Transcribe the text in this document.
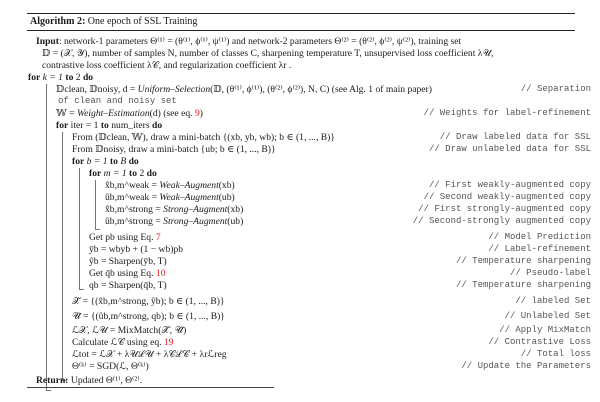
Algorithm 2: One epoch of SSL Training
Input: network-1 parameters Θ⁽¹⁾ = (θ⁽¹⁾, ϕ⁽¹⁾, ψ⁽¹⁾) and network-2 parameters Θ⁽²⁾ = (θ⁽²⁾, ϕ⁽²⁾, ψ⁽²⁾), training set
𝔻 = (𝒳, 𝒴), number of samples N, number of classes C, sharpening temperature T, unsupervised loss coefficient λ𝒰,
contrastive loss coefficient λ𝒞, and regularization coefficient λr .
for k = 1 to 2 do
𝔻clean, 𝔻noisy, d = Uniform–Selection(𝔻, (θ⁽¹⁾, ϕ⁽¹⁾), (θ⁽²⁾, ϕ⁽²⁾), N, C) (see Alg. 1 of main paper)	// Separation
of clean and noisy set
𝕎 = Weight–Estimation(d) (see eq. 9)	// Weights for label-refinement
for iter = 1 to num_iters do
From (𝔻clean, 𝕎), draw a mini-batch {(xb, yb, wb); b ∈ (1, ..., B)}	// Draw labeled data for SSL
From 𝔻noisy, draw a mini-batch {ub; b ∈ (1, ..., B)}	// Draw unlabeled data for SSL
for b = 1 to B do
for m = 1 to 2 do
x̂b,m^weak = Weak–Augment(xb)	// First weakly-augmented copy
ûb,m^weak = Weak–Augment(ub)	// Second weakly-augmented copy
x̂b,m^strong = Strong–Augment(xb)	// First strongly-augmented copy
ûb,m^strong = Strong–Augment(ub)	// Second-strongly augmented copy
Get pb using Eq. 7	// Model Prediction
ȳb = wbyb + (1 − wb)pb	// Label-refinement
ŷb = Sharpen(ȳb, T)	// Temperature sharpening
Get q̄b using Eq. 10	// Pseudo-label
qb = Sharpen(q̄b, T)	// Temperature sharpening
𝒳̂ = {(x̂b,m^strong, ŷb); b ∈ (1, ..., B)}	// labeled Set
𝒰̂ = {(ûb,m^strong, qb); b ∈ (1, ..., B)}	// Unlabeled Set
ℒ𝒳, ℒ𝒰 = MixMatch(𝒳̂, 𝒰̂)	// Apply MixMatch
Calculate ℒ𝒞 using eq. 19	// Contrastive Loss
ℒtot = ℒ𝒳 + λ𝒰ℒ𝒰 + λ𝒞ℒ𝒞 + λrℒreg	// Total loss
Θ⁽ᵏ⁾ = SGD(ℒ, Θ⁽ᵏ⁾)	// Update the Parameters
Return: Updated Θ⁽¹⁾, Θ⁽²⁾.
